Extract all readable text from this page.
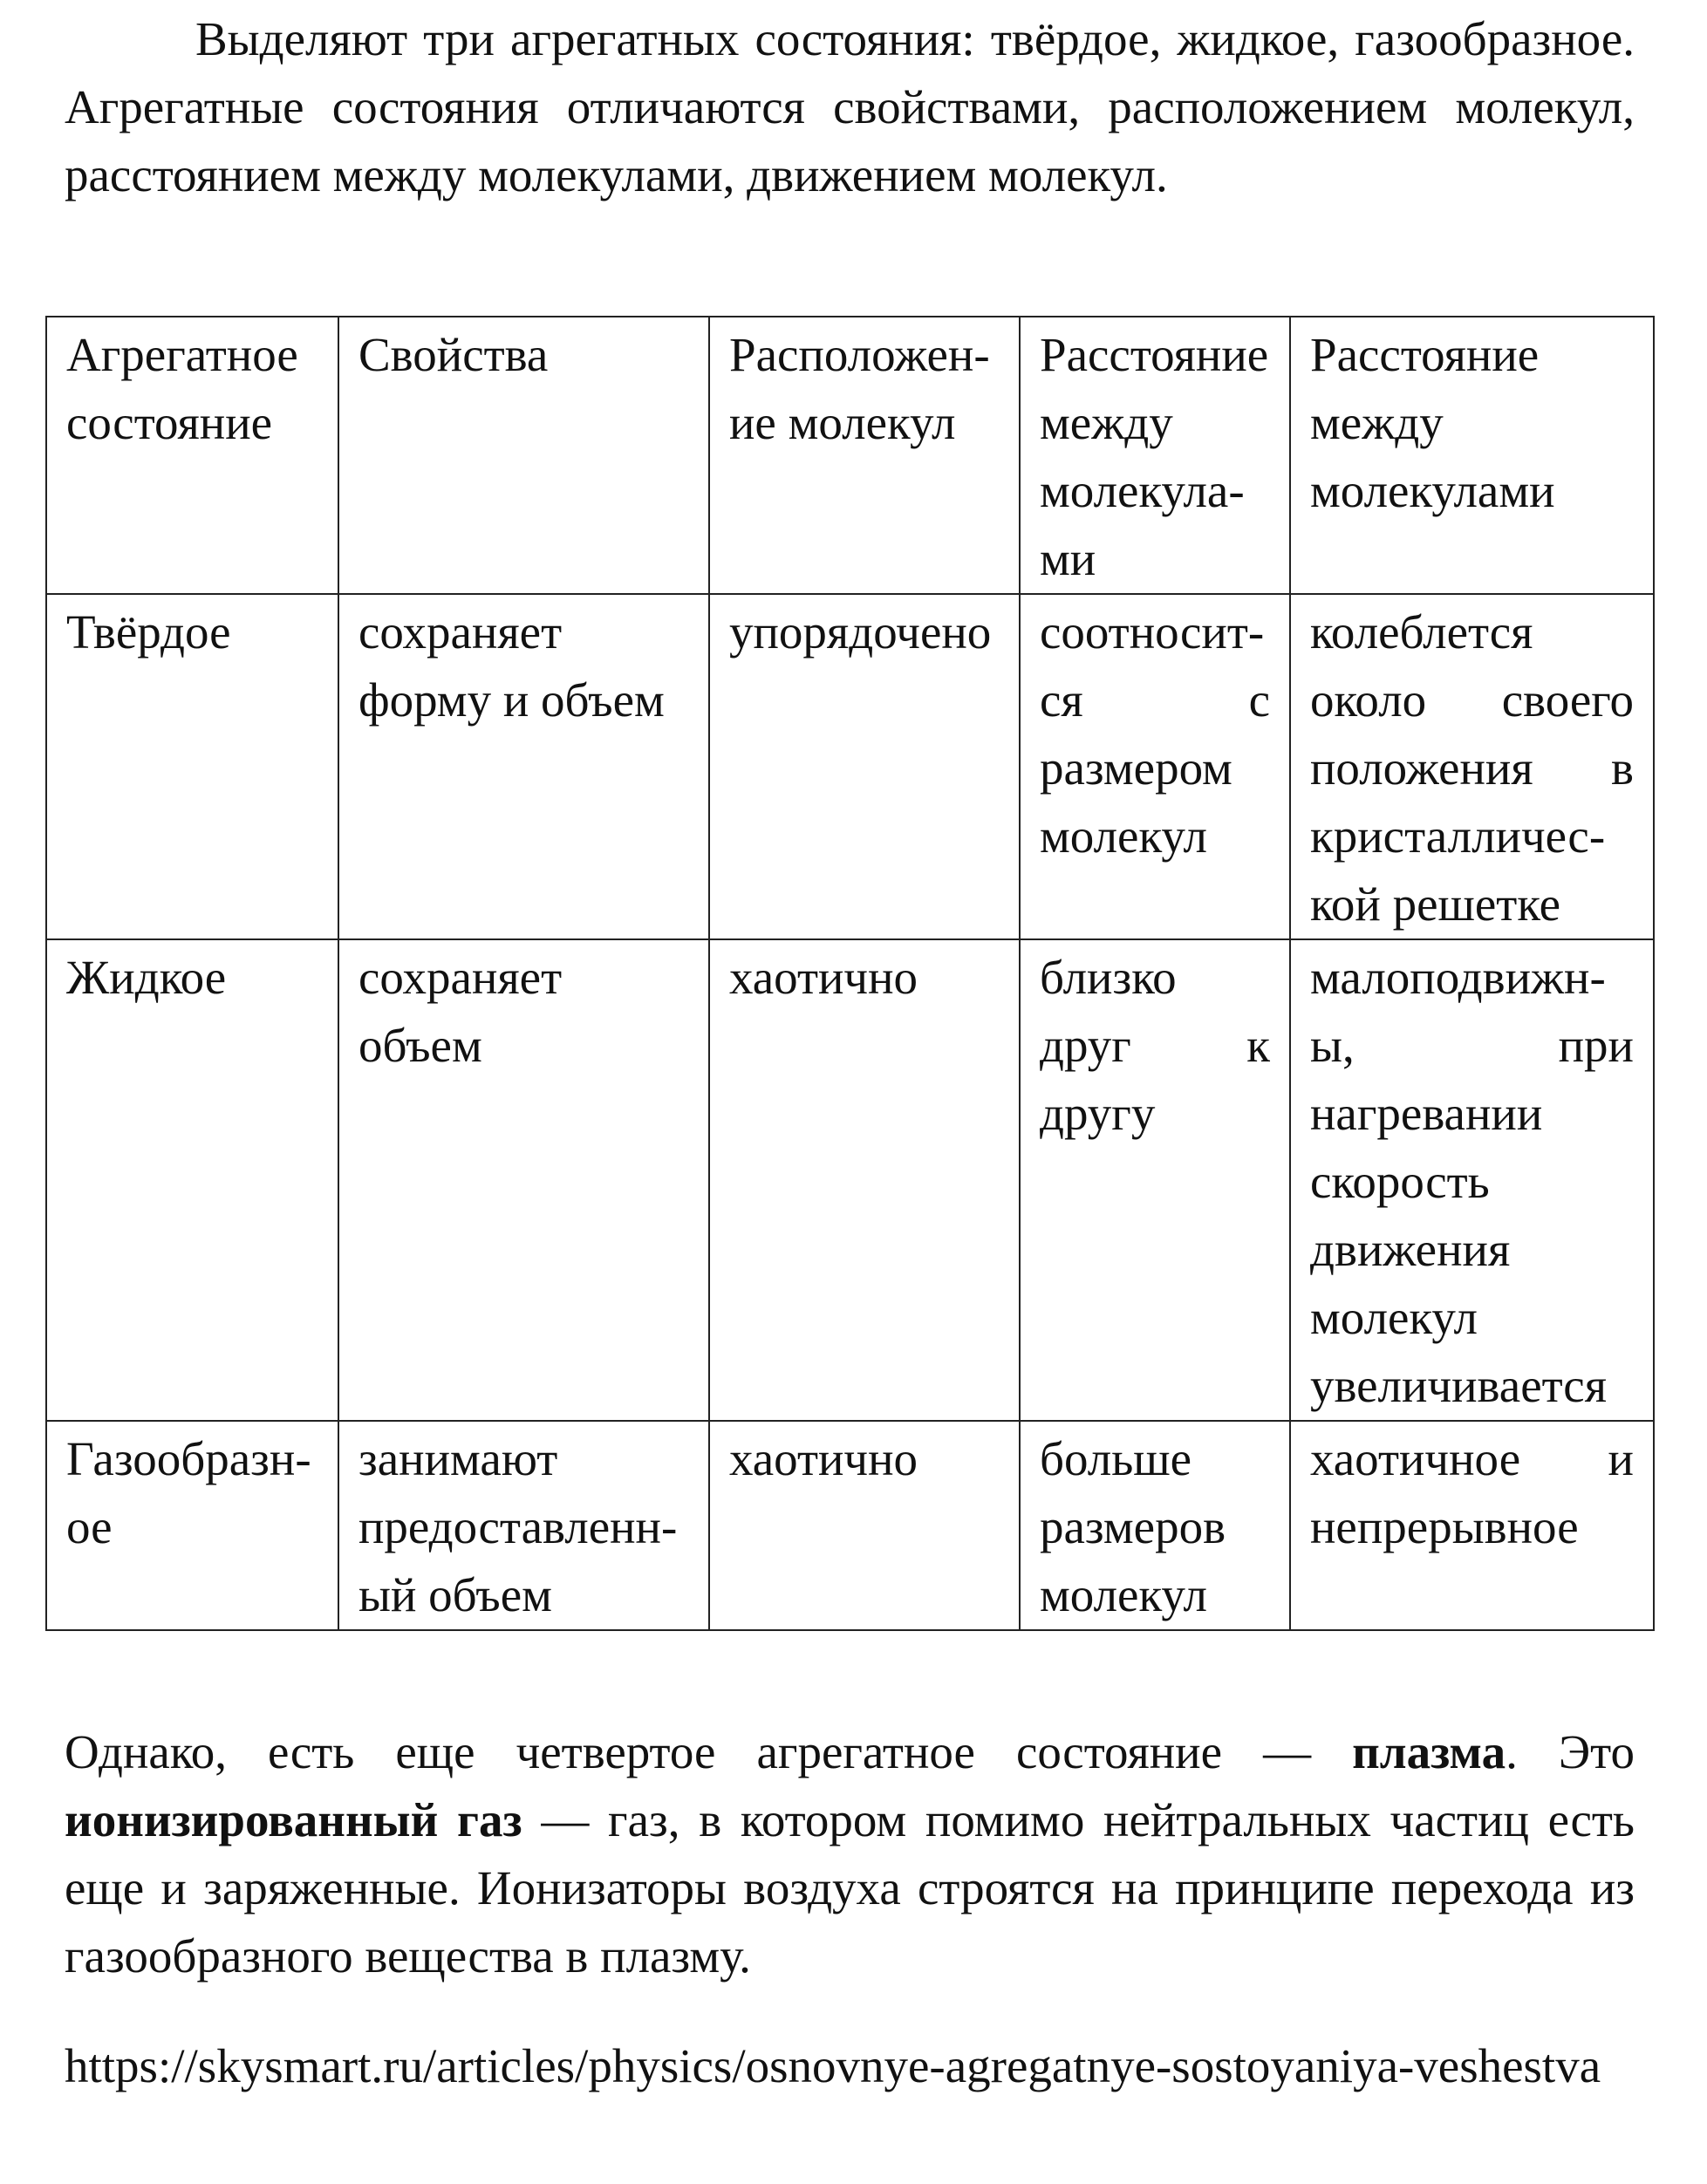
Выделяют три агрегатных состояния: твёрдое, жидкое, газообразное. Агрегатные состояния отличаются свойствами, расположением молекул, расстоянием между молекулами, движением молекул.

Агрегатное состояние	Свойства	Расположение молекул	Расстояние между молекулами	Расстояние между молекулами
Твёрдое	сохраняет форму и объем	упорядочено	соотносится с размером молекул	колеблется около своего положения в кристаллической решетке
Жидкое	сохраняет объем	хаотично	близко друг к другу	малоподвижны, при нагревании скорость движения молекул увеличивается
Газообразное	занимают предоставленный объем	хаотично	больше размеров молекул	хаотичное и непрерывное

Однако, есть еще четвертое агрегатное состояние — плазма. Это ионизированный газ — газ, в котором помимо нейтральных частиц есть еще и заряженные. Ионизаторы воздуха строятся на принципе перехода из газообразного вещества в плазму.

https://skysmart.ru/articles/physics/osnovnye-agregatnye-sostoyaniya-veshestva
